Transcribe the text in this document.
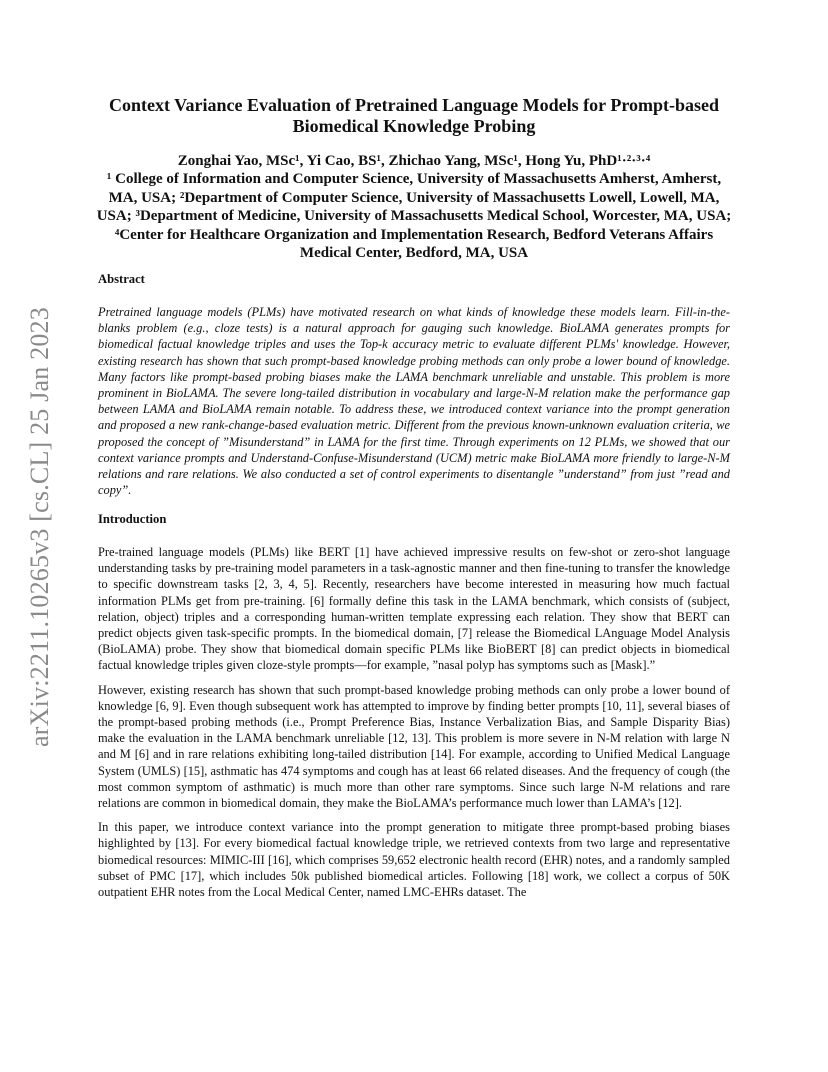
arXiv:2211.10265v3 [cs.CL] 25 Jan 2023
Context Variance Evaluation of Pretrained Language Models for Prompt-based Biomedical Knowledge Probing
Zonghai Yao, MSc¹, Yi Cao, BS¹, Zhichao Yang, MSc¹, Hong Yu, PhD¹·²·³·⁴
¹ College of Information and Computer Science, University of Massachusetts Amherst, Amherst, MA, USA; ²Department of Computer Science, University of Massachusetts Lowell, Lowell, MA, USA; ³Department of Medicine, University of Massachusetts Medical School, Worcester, MA, USA; ⁴Center for Healthcare Organization and Implementation Research, Bedford Veterans Affairs Medical Center, Bedford, MA, USA
Abstract
Pretrained language models (PLMs) have motivated research on what kinds of knowledge these models learn. Fill-in-the-blanks problem (e.g., cloze tests) is a natural approach for gauging such knowledge. BioLAMA generates prompts for biomedical factual knowledge triples and uses the Top-k accuracy metric to evaluate different PLMs' knowledge. However, existing research has shown that such prompt-based knowledge probing methods can only probe a lower bound of knowledge. Many factors like prompt-based probing biases make the LAMA benchmark unreliable and unstable. This problem is more prominent in BioLAMA. The severe long-tailed distribution in vocabulary and large-N-M relation make the performance gap between LAMA and BioLAMA remain notable. To address these, we introduced context variance into the prompt generation and proposed a new rank-change-based evaluation metric. Different from the previous known-unknown evaluation criteria, we proposed the concept of ”Misunderstand” in LAMA for the first time. Through experiments on 12 PLMs, we showed that our context variance prompts and Understand-Confuse-Misunderstand (UCM) metric make BioLAMA more friendly to large-N-M relations and rare relations. We also conducted a set of control experiments to disentangle ”understand” from just ”read and copy”.
Introduction

Pre-trained language models (PLMs) like BERT [1] have achieved impressive results on few-shot or zero-shot language understanding tasks by pre-training model parameters in a task-agnostic manner and then fine-tuning to transfer the knowledge to specific downstream tasks [2, 3, 4, 5]. Recently, researchers have become interested in measuring how much factual information PLMs get from pre-training. [6] formally define this task in the LAMA benchmark, which consists of (subject, relation, object) triples and a corresponding human-written template expressing each relation. They show that BERT can predict objects given task-specific prompts. In the biomedical domain, [7] release the Biomedical LAnguage Model Analysis (BioLAMA) probe. They show that biomedical domain specific PLMs like BioBERT [8] can predict objects in biomedical factual knowledge triples given cloze-style prompts—for example, ”nasal polyp has symptoms such as [Mask].”

However, existing research has shown that such prompt-based knowledge probing methods can only probe a lower bound of knowledge [6, 9]. Even though subsequent work has attempted to improve by finding better prompts [10, 11], several biases of the prompt-based probing methods (i.e., Prompt Preference Bias, Instance Verbalization Bias, and Sample Disparity Bias) make the evaluation in the LAMA benchmark unreliable [12, 13]. This problem is more severe in N-M relation with large N and M [6] and in rare relations exhibiting long-tailed distribution [14]. For example, according to Unified Medical Language System (UMLS) [15], asthmatic has 474 symptoms and cough has at least 66 related diseases. And the frequency of cough (the most common symptom of asthmatic) is much more than other rare symptoms. Since such large N-M relations and rare relations are common in biomedical domain, they make the BioLAMA’s performance much lower than LAMA’s [12].

In this paper, we introduce context variance into the prompt generation to mitigate three prompt-based probing biases highlighted by [13]. For every biomedical factual knowledge triple, we retrieved contexts from two large and representative biomedical resources: MIMIC-III [16], which comprises 59,652 electronic health record (EHR) notes, and a randomly sampled subset of PMC [17], which includes 50k published biomedical articles. Following [18] work, we collect a corpus of 50K outpatient EHR notes from the Local Medical Center, named LMC-EHRs dataset. The
